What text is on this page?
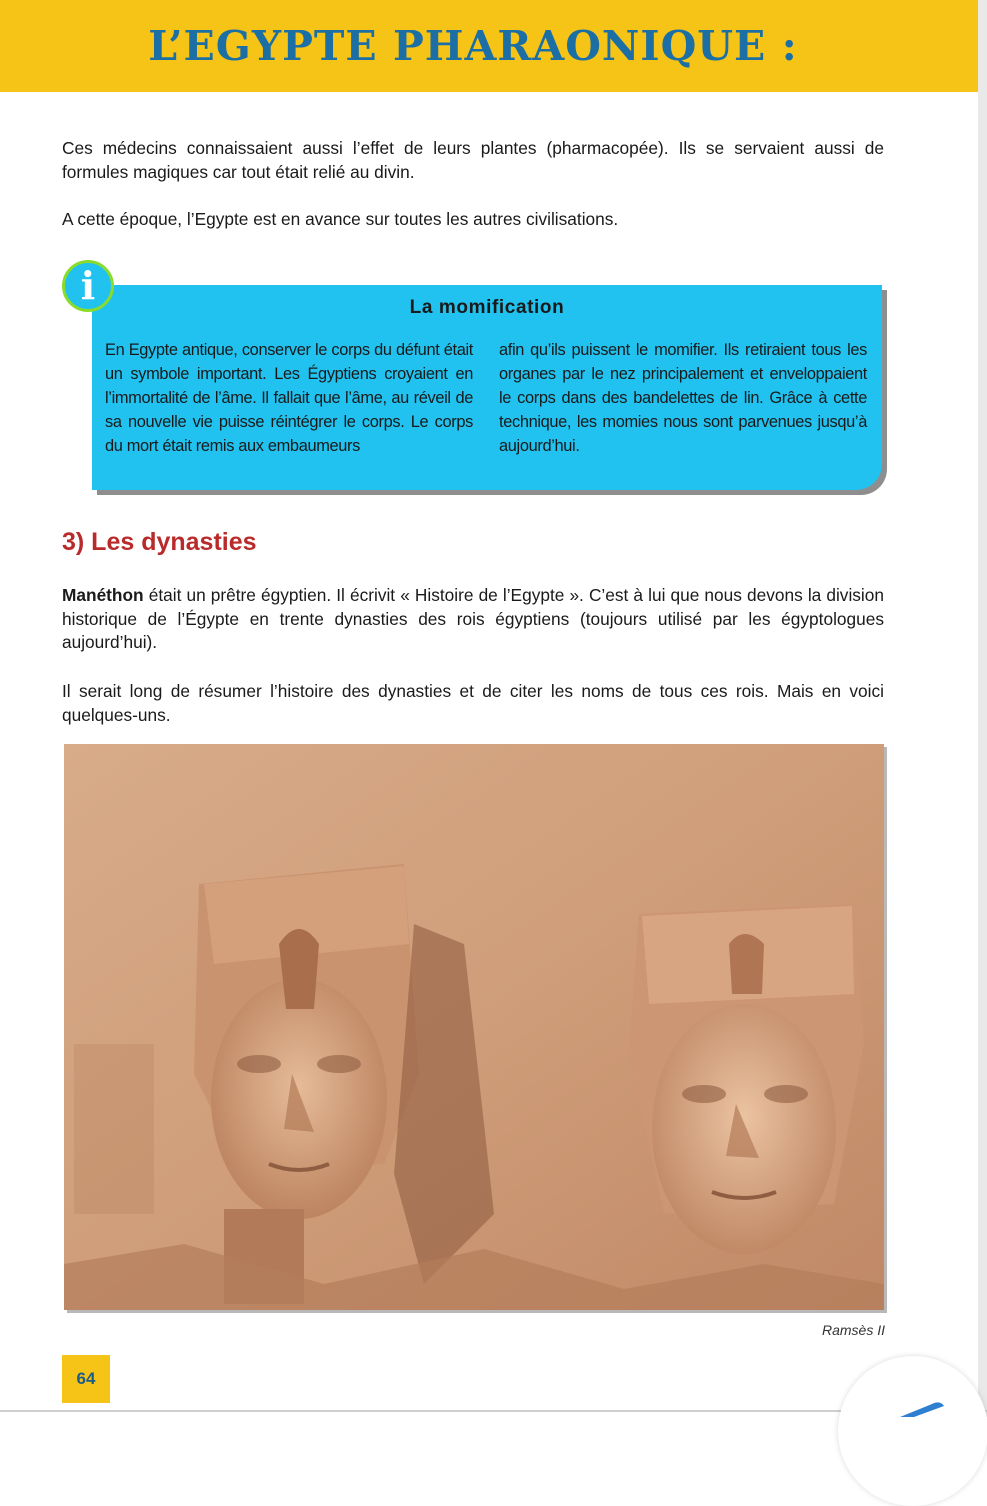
L’EGYPTE PHARAONIQUE :

Ces médecins connaissaient aussi l’effet de leurs plantes (pharmacopée). Ils se servaient aussi de formules magiques car tout était relié au divin.

A cette époque, l’Egypte est en avance sur toutes les autres civilisations.

i	La momification

En Egypte antique, conserver le corps du défunt était un symbole important. Les Égyptiens croyaient en l’immortalité de l’âme. Il fallait que l’âme, au réveil de sa nouvelle vie puisse réintégrer le corps. Le corps du mort était remis aux embaumeurs

afin qu’ils puissent le momifier. Ils retiraient tous les organes par le nez principalement et enveloppaient le corps dans des bandelettes de lin. Grâce à cette technique, les momies nous sont parvenues jusqu’à aujourd’hui.

3) Les dynasties

Manéthon était un prêtre égyptien. Il écrivit « Histoire de l’Egypte ». C’est à lui que nous devons la division historique de l’Égypte en trente dynasties des rois égyptiens (toujours utilisé par les égyptologues aujourd’hui).

Il serait long de résumer l’histoire des dynasties et de citer les noms de tous ces rois. Mais en voici quelques-uns.

Ramsès II

64
